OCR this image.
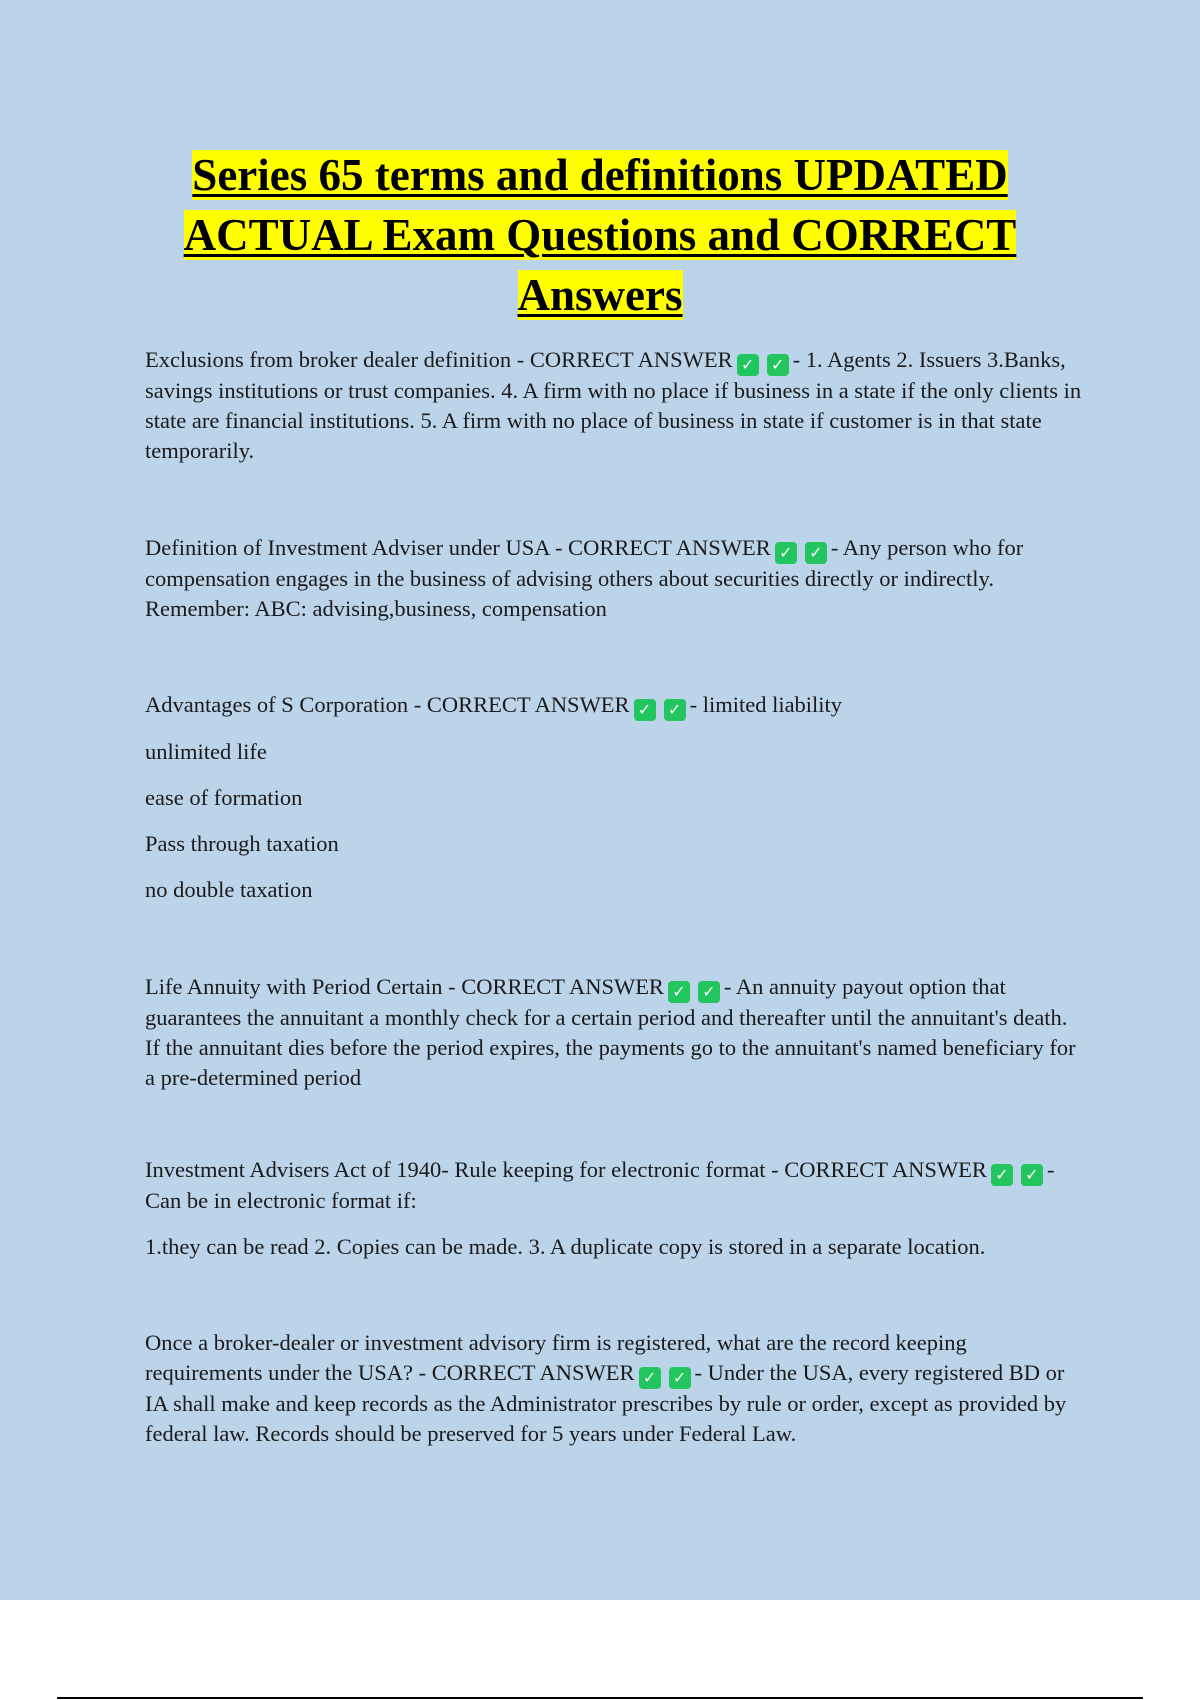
Series 65 terms and definitions UPDATED
ACTUAL Exam Questions and CORRECT
Answers

Exclusions from broker dealer definition - CORRECT ANSWER ✓ ✓ - 1. Agents 2. Issuers 3.Banks, savings institutions or trust companies. 4. A firm with no place if business in a state if the only clients in state are financial institutions. 5. A firm with no place of business in state if customer is in that state temporarily.

Definition of Investment Adviser under USA - CORRECT ANSWER ✓ ✓ - Any person who for compensation engages in the business of advising others about securities directly or indirectly. Remember: ABC: advising,business, compensation

Advantages of S Corporation - CORRECT ANSWER ✓ ✓ - limited liability

unlimited life

ease of formation

Pass through taxation

no double taxation

Life Annuity with Period Certain - CORRECT ANSWER ✓ ✓ - An annuity payout option that guarantees the annuitant a monthly check for a certain period and thereafter until the annuitant's death. If the annuitant dies before the period expires, the payments go to the annuitant's named beneficiary for a pre-determined period

Investment Advisers Act of 1940- Rule keeping for electronic format - CORRECT ANSWER ✓ ✓ - Can be in electronic format if:

1.they can be read 2. Copies can be made. 3. A duplicate copy is stored in a separate location.

Once a broker-dealer or investment advisory firm is registered, what are the record keeping requirements under the USA? - CORRECT ANSWER ✓ ✓ - Under the USA, every registered BD or IA shall make and keep records as the Administrator prescribes by rule or order, except as provided by federal law. Records should be preserved for 5 years under Federal Law.
